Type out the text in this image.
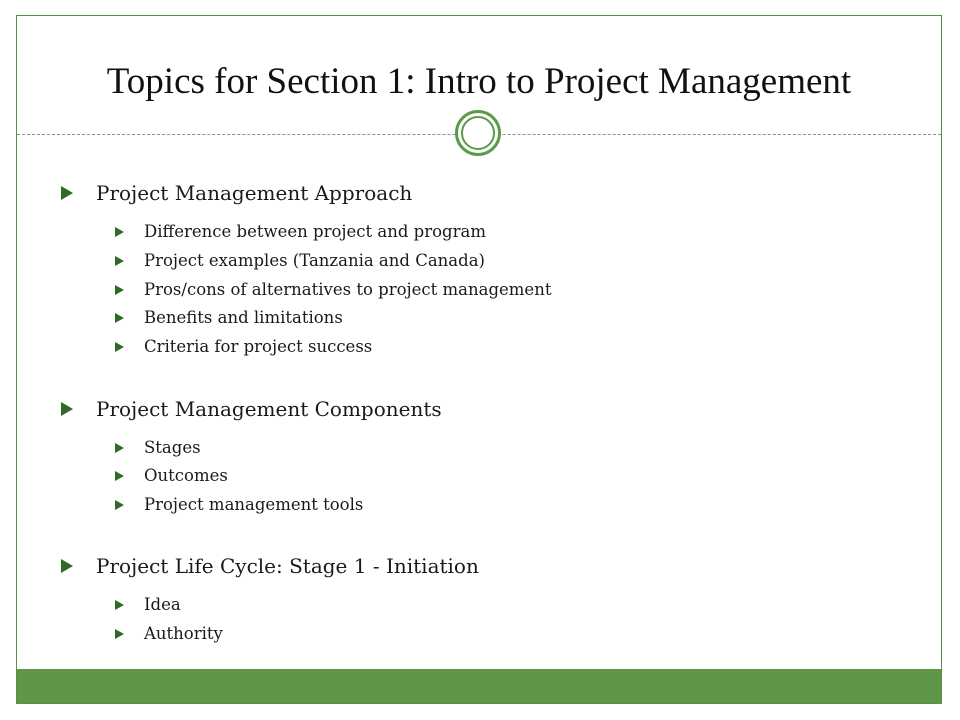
Topics for Section 1: Intro to Project Management
Project Management Approach
Difference between project and program
Project examples (Tanzania and Canada)
Pros/cons of alternatives to project management
Benefits and limitations
Criteria for project success
Project Management Components
Stages
Outcomes
Project management tools
Project Life Cycle: Stage 1 - Initiation
Idea
Authority
